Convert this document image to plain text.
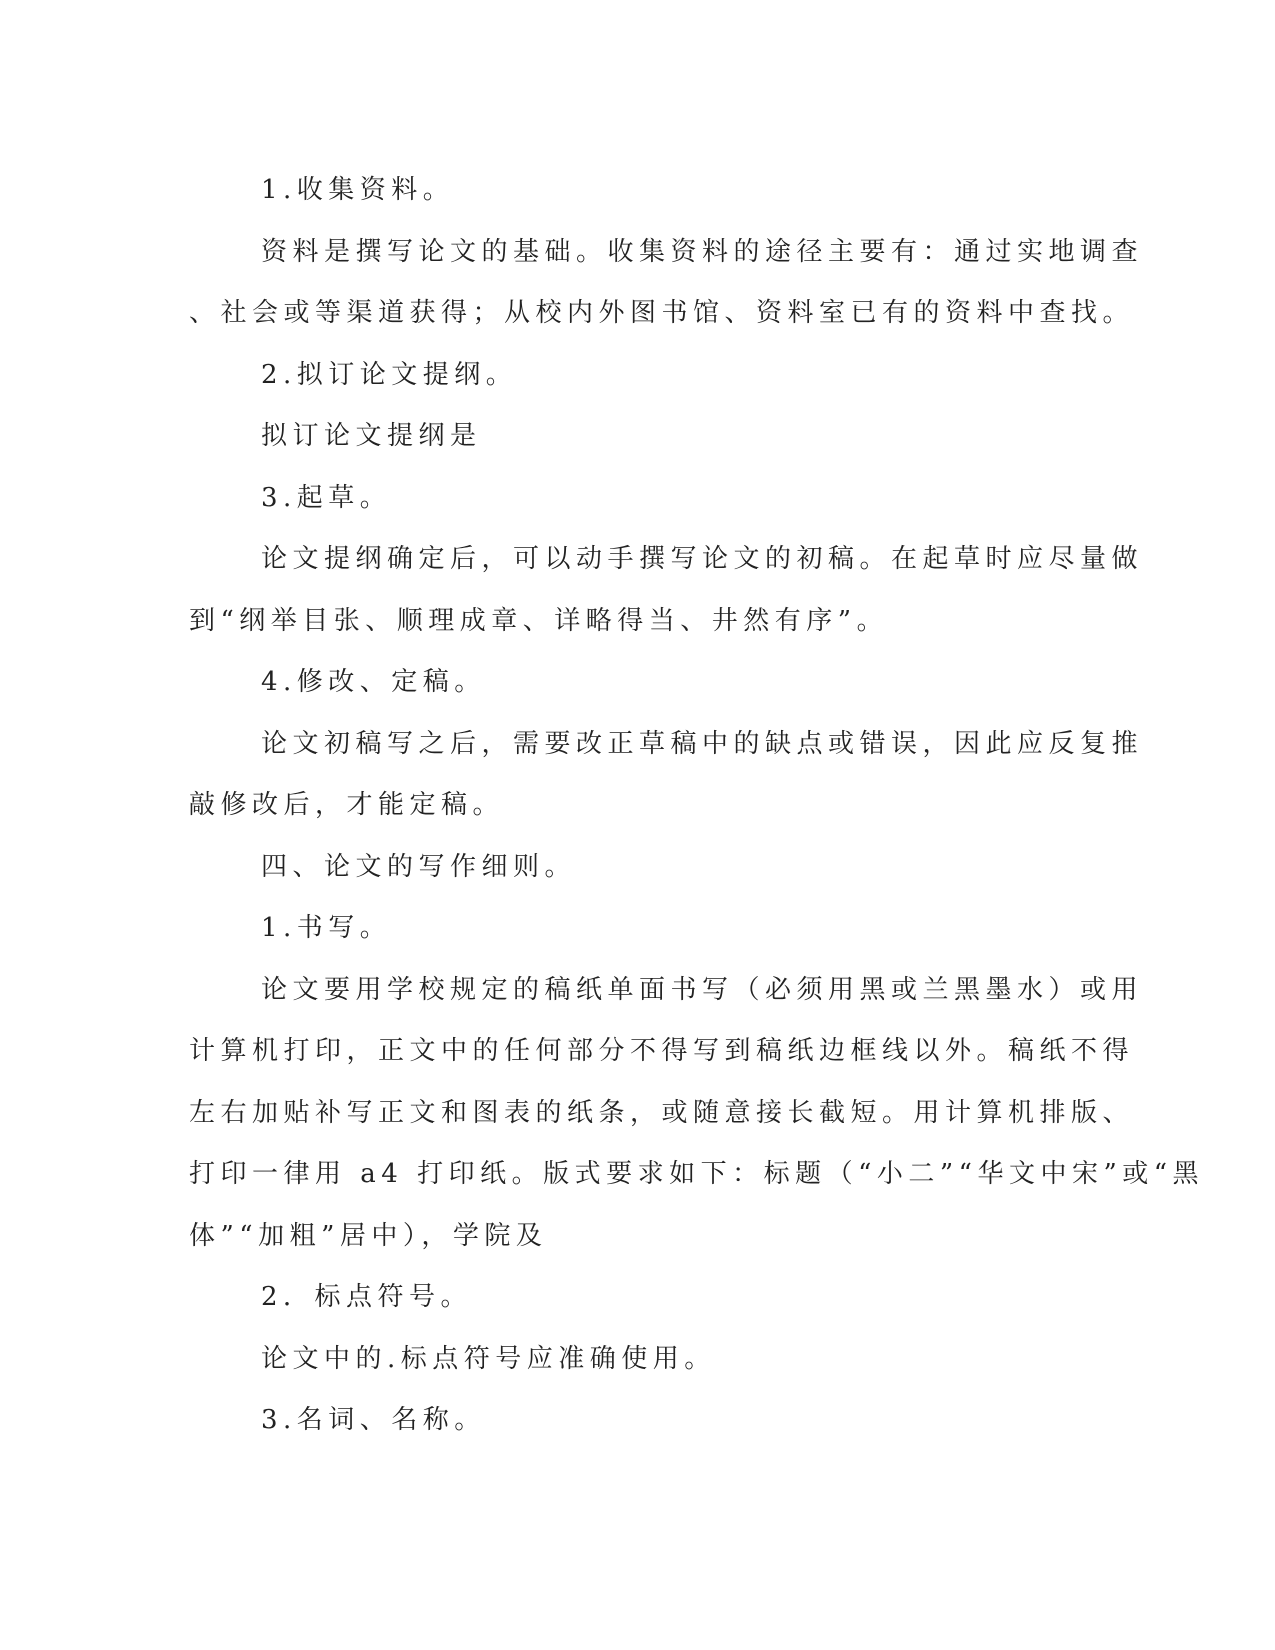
1.收集资料。

资料是撰写论文的基础。收集资料的途径主要有：通过实地调查

、社会或等渠道获得；从校内外图书馆、资料室已有的资料中查找。

2.拟订论文提纲。

拟订论文提纲是

3.起草。

论文提纲确定后，可以动手撰写论文的初稿。在起草时应尽量做

到“纲举目张、顺理成章、详略得当、井然有序”。

4.修改、定稿。

论文初稿写之后，需要改正草稿中的缺点或错误，因此应反复推

敲修改后，才能定稿。

四、论文的写作细则。

1.书写。

论文要用学校规定的稿纸单面书写（必须用黑或兰黑墨水）或用

计算机打印，正文中的任何部分不得写到稿纸边框线以外。稿纸不得

左右加贴补写正文和图表的纸条，或随意接长截短。用计算机排版、

打印一律用 a4 打印纸。版式要求如下：标题（“小二”“华文中宋”或“黑

体”“加粗”居中），学院及

2．标点符号。

论文中的.标点符号应准确使用。

3.名词、名称。
